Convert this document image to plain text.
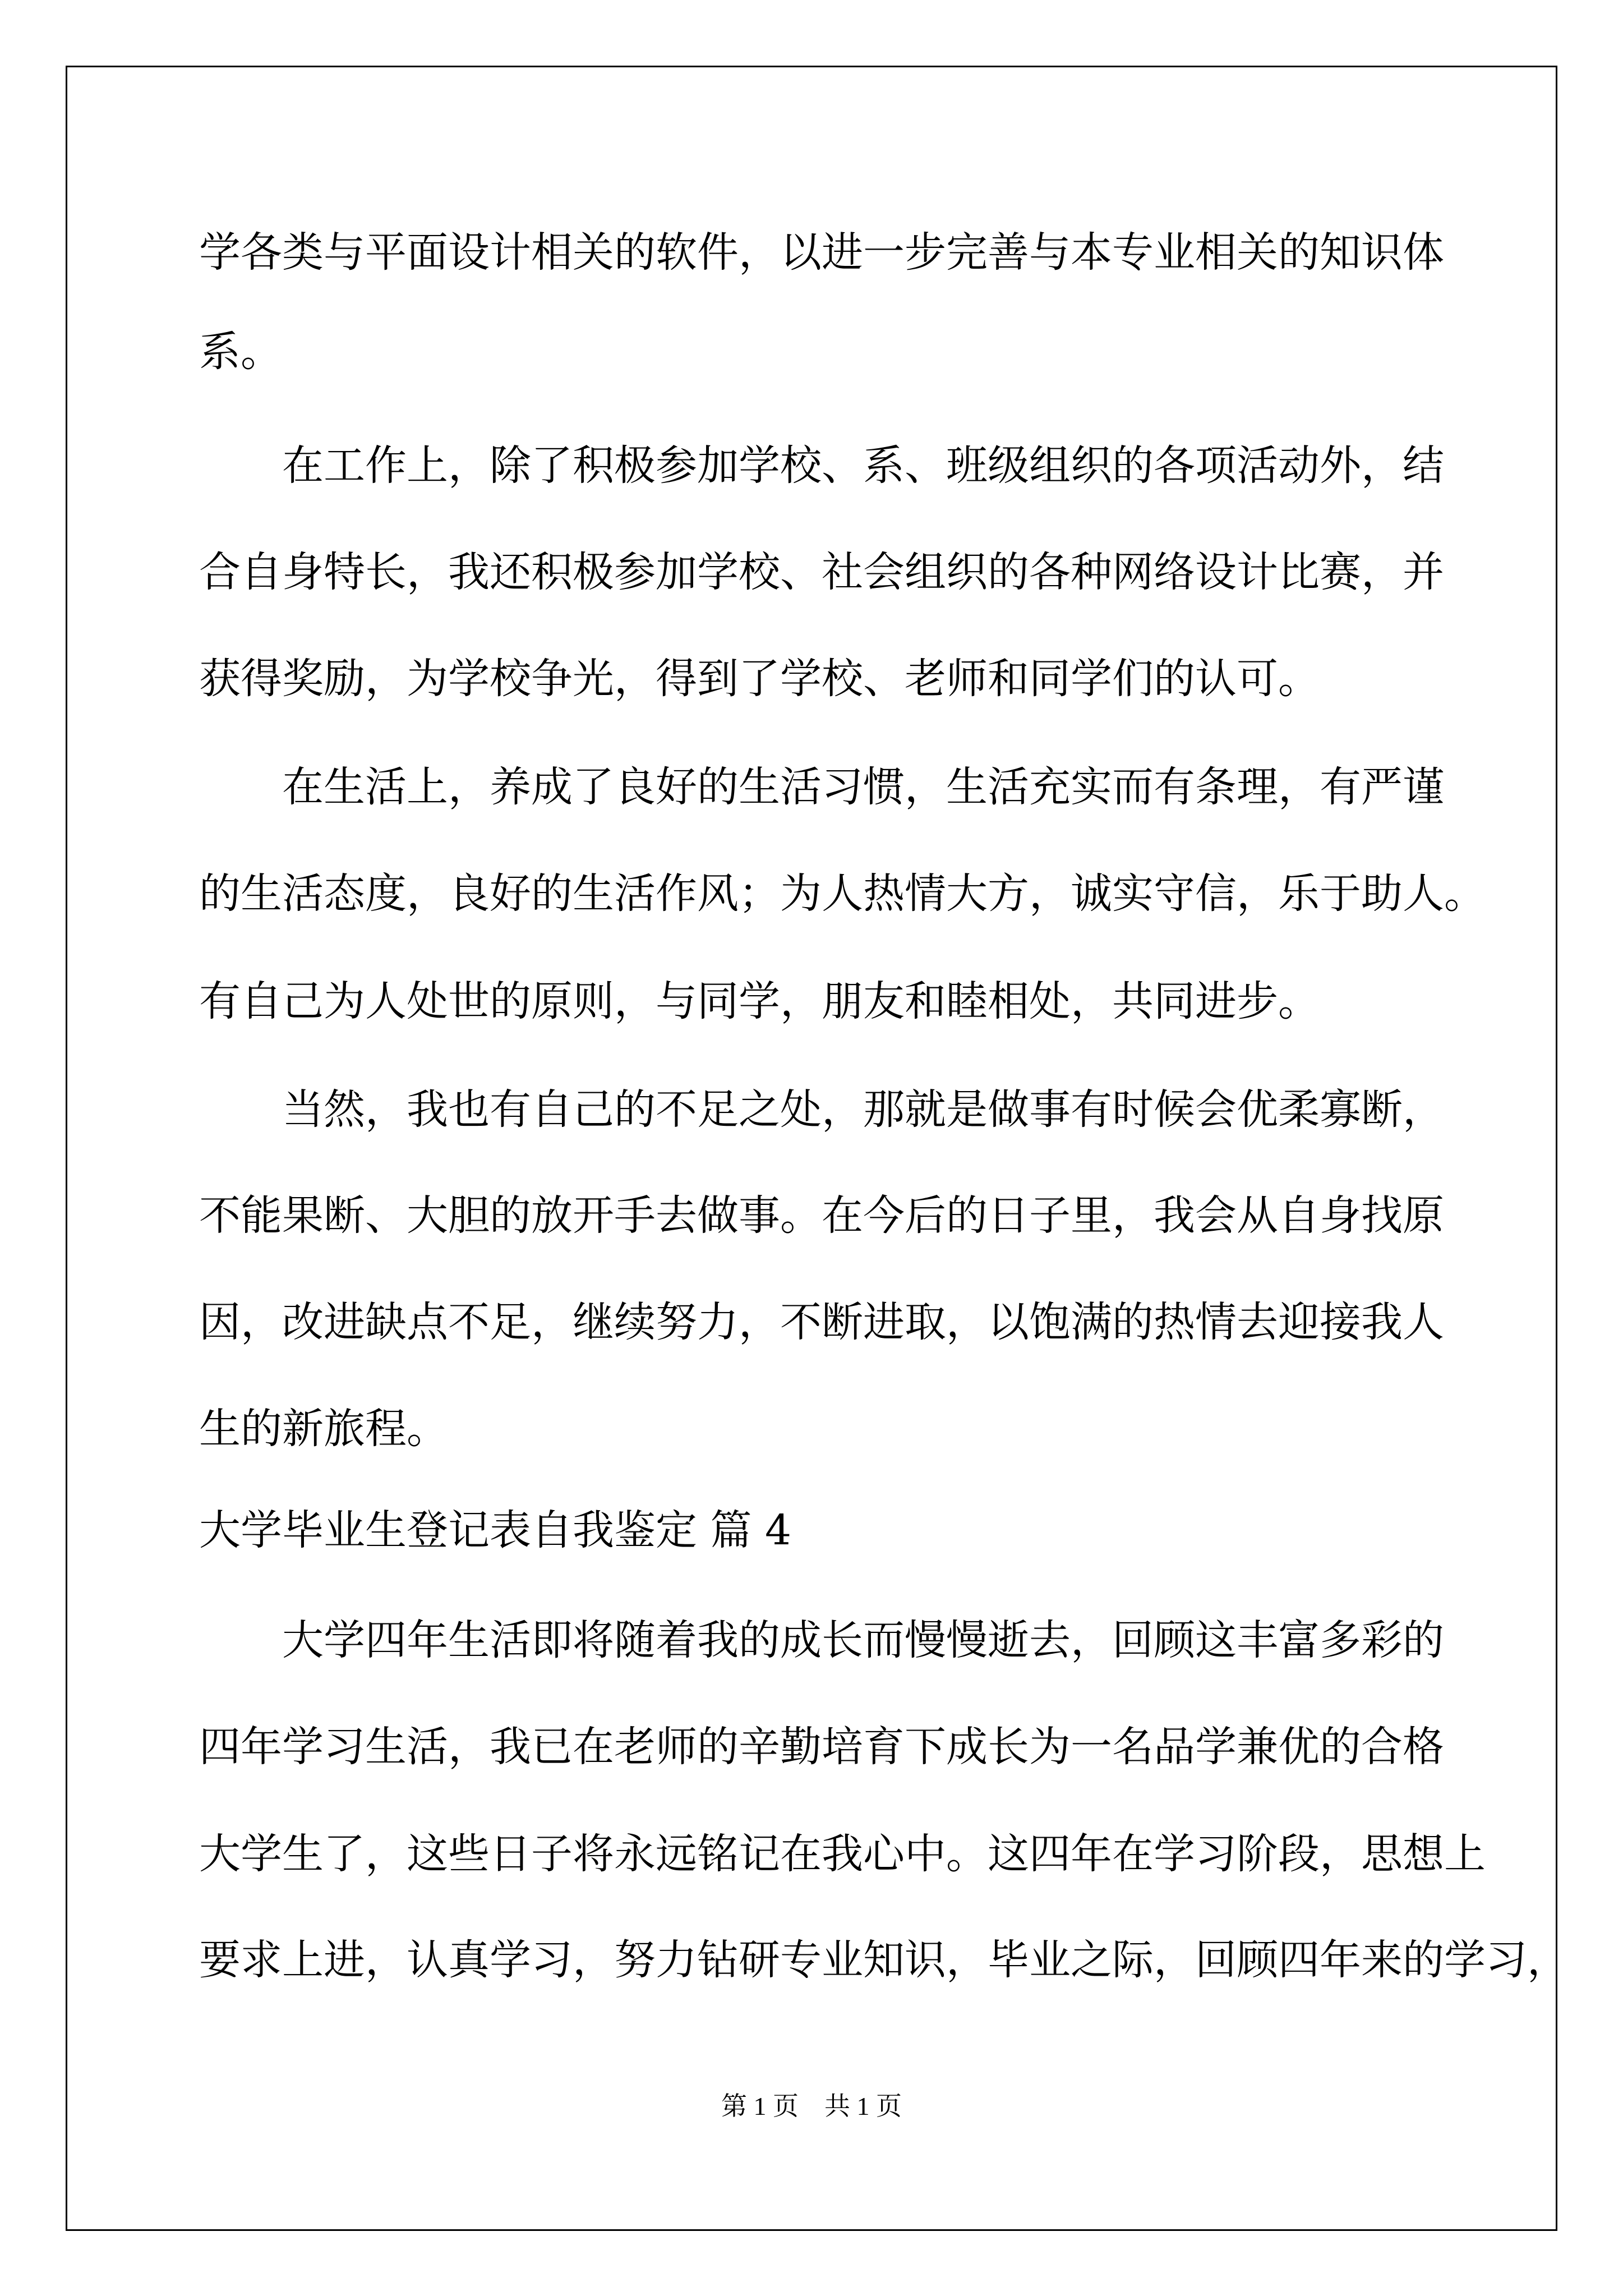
学各类与平面设计相关的软件，以进一步完善与本专业相关的知识体

系。

　　在工作上，除了积极参加学校、系、班级组织的各项活动外，结

合自身特长，我还积极参加学校、社会组织的各种网络设计比赛，并

获得奖励，为学校争光，得到了学校、老师和同学们的认可。

　　在生活上，养成了良好的生活习惯，生活充实而有条理，有严谨

的生活态度，良好的生活作风；为人热情大方，诚实守信，乐于助人。

有自己为人处世的原则，与同学，朋友和睦相处，共同进步。

　　当然，我也有自己的不足之处，那就是做事有时候会优柔寡断，

不能果断、大胆的放开手去做事。在今后的日子里，我会从自身找原

因，改进缺点不足，继续努力，不断进取，以饱满的热情去迎接我人

生的新旅程。

大学毕业生登记表自我鉴定 篇 4

　　大学四年生活即将随着我的成长而慢慢逝去，回顾这丰富多彩的

四年学习生活，我已在老师的辛勤培育下成长为一名品学兼优的合格

大学生了，这些日子将永远铭记在我心中。这四年在学习阶段，思想上

要求上进，认真学习，努力钻研专业知识，毕业之际，回顾四年来的学习，

第 1 页　共 1 页
